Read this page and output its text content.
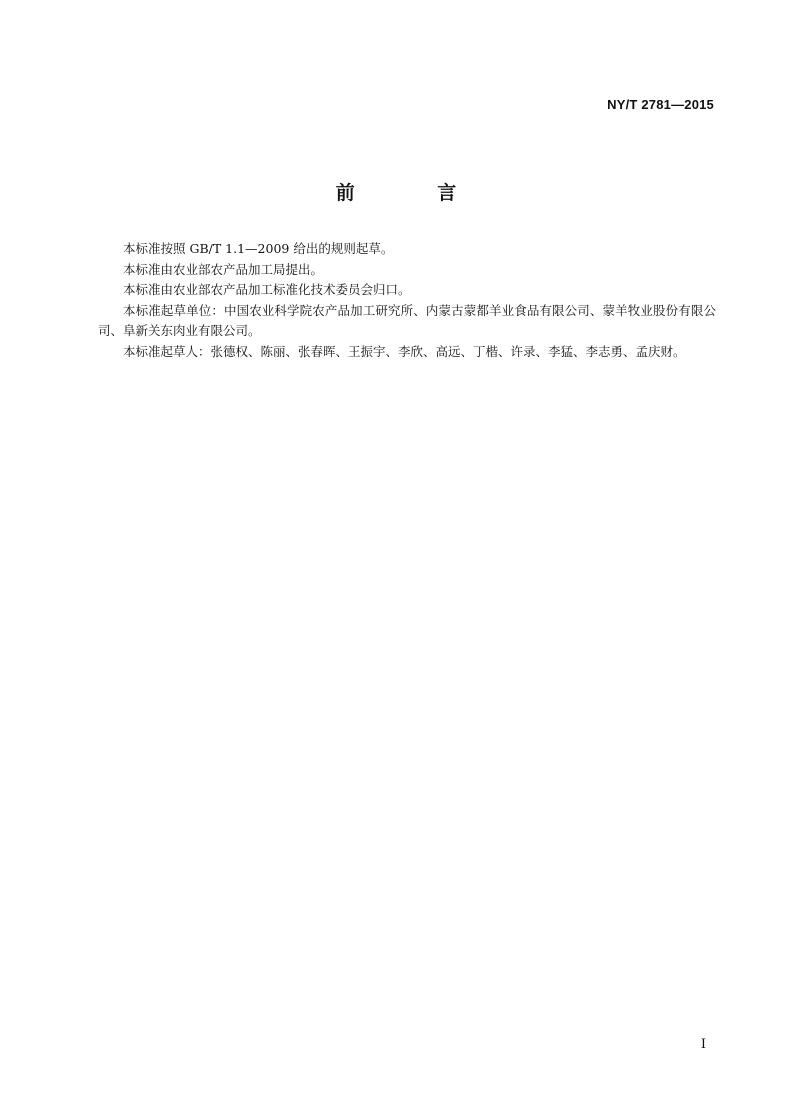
NY/T 2781—2015
前 言

本标准按照 GB/T 1.1—2009 给出的规则起草。

本标准由农业部农产品加工局提出。

本标准由农业部农产品加工标准化技术委员会归口。

本标准起草单位：中国农业科学院农产品加工研究所、内蒙古蒙都羊业食品有限公司、蒙羊牧业股份有限公司、阜新关东肉业有限公司。

本标准起草人：张德权、陈丽、张春晖、王振宇、李欣、高远、丁楷、许录、李猛、李志勇、孟庆财。

I
